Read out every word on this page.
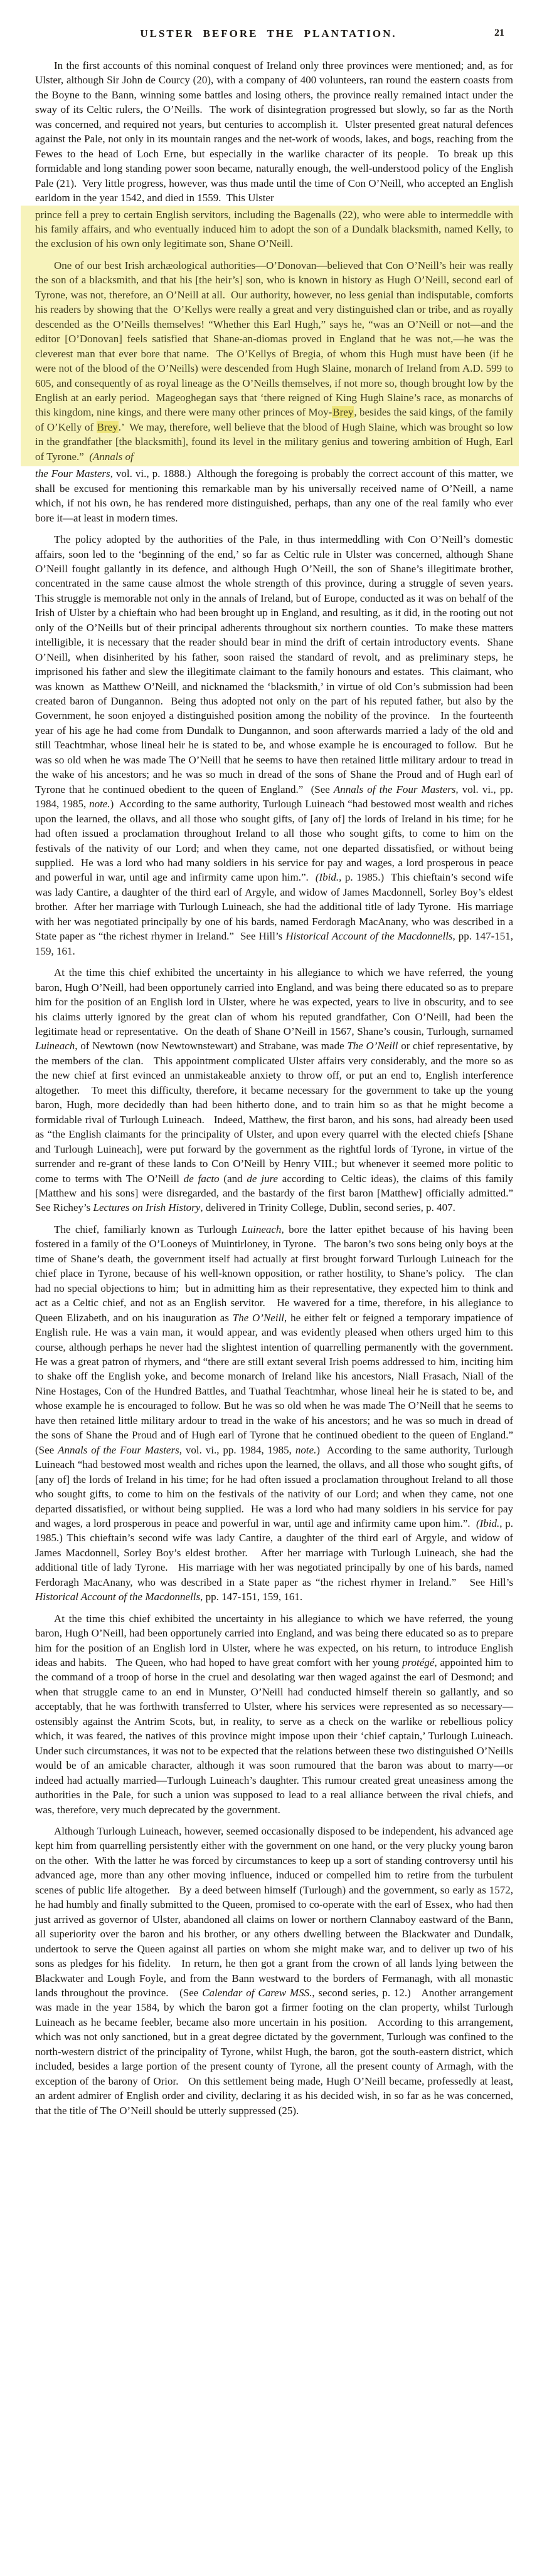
ULSTER BEFORE THE PLANTATION.	21
In the first accounts of this nominal conquest of Ireland only three provinces were mentioned; and, as for Ulster, although Sir John de Courcy (20), with a company of 400 volunteers, ran round the eastern coasts from the Boyne to the Bann, winning some battles and losing others, the province really remained intact under the sway of its Celtic rulers, the O’Neills.  The work of disintegration progressed but slowly, so far as the North was concerned, and required not years, but centuries to accomplish it.  Ulster presented great natural defences against the Pale, not only in its mountain ranges and the net-work of woods, lakes, and bogs, reaching from the Fewes to the head of Loch Erne, but especially in the warlike character of its people.  To break up this formidable and long standing power soon became, naturally enough, the well-understood policy of the English Pale (21).  Very little progress, however, was thus made until the time of Con O’Neill, who accepted an English earldom in the year 1542, and died in 1559.  This Ulster
prince fell a prey to certain English servitors, including the Bagenalls (22), who were able to intermeddle with his family affairs, and who eventually induced him to adopt the son of a Dundalk blacksmith, named Kelly, to the exclusion of his own only legitimate son, Shane O’Neill.
One of our best Irish archæological authorities—O’Donovan—believed that Con O’Neill’s heir was really the son of a blacksmith, and that his [the heir’s] son, who is known in history as Hugh O’Neill, second earl of Tyrone, was not, therefore, an O’Neill at all.  Our authority, however, no less genial than indisputable, comforts his readers by showing that the  O’Kellys were really a great and very distinguished clan or tribe, and as royally descended as the O’Neills themselves! “Whether this Earl Hugh,” says he, “was an O’Neill or not—and the editor [O’Donovan] feels satisfied that Shane-an-diomas proved in England that he was not,—he was the cleverest man that ever bore that name.  The O’Kellys of Bregia, of whom this Hugh must have been (if he were not of the blood of the O’Neills) were descended from Hugh Slaine, monarch of Ireland from A.D. 599 to 605, and consequently of as royal lineage as the O’Neills themselves, if not more so, though brought low by the English at an early period.  Mageoghegan says that ‘there reigned of King Hugh Slaine’s race, as monarchs of this kingdom, nine kings, and there were many other princes of Moy-Brey, besides the said kings, of the family of O’Kelly of Brey.’  We may, therefore, well believe that the blood of Hugh Slaine, which was brought so low in the grandfather [the blacksmith], found its level in the military genius and towering ambition of Hugh, Earl of Tyrone.”  (Annals of
the Four Masters, vol. vi., p. 1888.)  Although the foregoing is probably the correct account of this matter, we shall be excused for mentioning this remarkable man by his universally received name of O’Neill, a name which, if not his own, he has rendered more distinguished, perhaps, than any one of the real family who ever bore it—at least in modern times.
The policy adopted by the authorities of the Pale, in thus intermeddling with Con O’Neill’s domestic affairs, soon led to the ‘beginning of the end,’ so far as Celtic rule in Ulster was concerned, although Shane O’Neill fought gallantly in its defence, and although Hugh O’Neill, the son of Shane’s illegitimate brother, concentrated in the same cause almost the whole strength of this province, during a struggle of seven years.  This struggle is memorable not only in the annals of Ireland, but of Europe, conducted as it was on behalf of the Irish of Ulster by a chieftain who had been brought up in England, and resulting, as it did, in the rooting out not only of the O’Neills but of their principal adherents throughout six northern counties.  To make these matters intelligible, it is necessary that the reader should bear in mind the drift of certain introductory events.  Shane O’Neill, when disinherited by his father, soon raised the standard of revolt, and as preliminary steps, he imprisoned his father and slew the illegitimate claimant to the family honours and estates.  This claimant, who was known  as Matthew O’Neill, and nicknamed the ‘blacksmith,’ in virtue of old Con’s submission had been created baron of Dungannon.  Being thus adopted not only on the part of his reputed father, but also by the Government, he soon enjoyed a distinguished position among the nobility of the province.   In the fourteenth year of his age he had come from Dundalk to Dungannon, and soon afterwards married a lady of the old and still Teachtmhar, whose lineal heir he is stated to be, and whose example he is encouraged to follow.  But he was so old when he was made The O’Neill that he seems to have then retained little military ardour to tread in the wake of his ancestors; and he was so much in dread of the sons of Shane the Proud and of Hugh earl of Tyrone that he continued obedient to the queen of England.”  (See Annals of the Four Masters, vol. vi., pp. 1984, 1985, note.)  According to the same authority, Turlough Luineach “had bestowed most wealth and riches upon the learned, the ollavs, and all those who sought gifts, of [any of] the lords of Ireland in his time; for he had often issued a proclamation throughout Ireland to all those who sought gifts, to come to him on the festivals of the nativity of our Lord; and when they came, not one departed dissatisfied, or without being supplied.  He was a lord who had many soldiers in his service for pay and wages, a lord prosperous in peace and powerful in war, until age and infirmity came upon him.”.  (Ibid., p. 1985.)  This chieftain’s second wife was lady Cantire, a daughter of the third earl of Argyle, and widow of James Macdonnell, Sorley Boy’s eldest brother.  After her marriage with Turlough Luineach, she had the additional title of lady Tyrone.  His marriage with her was negotiated principally by one of his bards, named Ferdoragh MacAnany, who was described in a State paper as “the richest rhymer in Ireland.”  See Hill’s Historical Account of the Macdonnells, pp. 147-151, 159, 161.
At the time this chief exhibited the uncertainty in his allegiance to which we have referred, the young baron, Hugh O’Neill, had been opportunely carried into England, and was being there educated so as to prepare him for the position of an English lord in Ulster, where he was expected, years to live in obscurity, and to see his claims utterly ignored by the great clan of whom his reputed grandfather, Con O’Neill, had been the legitimate head or representative.  On the death of Shane O’Neill in 1567, Shane’s cousin, Turlough, surnamed Luineach, of Newtown (now Newtownstewart) and Strabane, was made The O’Neill or chief representative, by the members of the clan.   This appointment complicated Ulster affairs very considerably, and the more so as the new chief at first evinced an unmistakeable anxiety to throw off, or put an end to, English interference altogether.   To meet this difficulty, therefore, it became necessary for the government to take up the young baron, Hugh, more decidedly than had been hitherto done, and to train him so as that he might become a formidable rival of Turlough Luineach.   Indeed, Matthew, the first baron, and his sons, had already been used as “the English claimants for the principality of Ulster, and upon every quarrel with the elected chiefs [Shane and Turlough Luineach], were put forward by the government as the rightful lords of Tyrone, in virtue of the surrender and re-grant of these lands to Con O’Neill by Henry VIII.; but whenever it seemed more politic to come to terms with The O’Neill de facto (and de jure according to Celtic ideas), the claims of this family [Matthew and his sons] were disregarded, and the bastardy of the first baron [Matthew] officially admitted.”  See Richey’s Lectures on Irish History, delivered in Trinity College, Dublin, second series, p. 407.
The chief, familiarly known as Turlough Luineach, bore the latter epithet because of his having been fostered in a family of the O’Looneys of Muintirloney, in Tyrone.   The baron’s two sons being only boys at the time of Shane’s death, the government itself had actually at first brought forward Turlough Luineach for the chief place in Tyrone, because of his well-known opposition, or rather hostility, to Shane’s policy.   The clan had no special objections to him;  but in admitting him as their representative, they expected him to think and act as a Celtic chief, and not as an English servitor.   He wavered for a time, therefore, in his allegiance to Queen Elizabeth, and on his inauguration as The O’Neill, he either felt or feigned a temporary impatience of English rule. He was a vain man, it would appear, and was evidently pleased when others urged him to this course, although perhaps he never had the slightest intention of quarrelling permanently with the government.   He was a great patron of rhymers, and “there are still extant several Irish poems addressed to him, inciting him to shake off the English yoke, and become monarch of Ireland like his ancestors, Niall Frasach, Niall of the Nine Hostages, Con of the Hundred Battles, and Tuathal Teachtmhar, whose lineal heir he is stated to be, and whose example he is encouraged to follow. But he was so old when he was made The O’Neill that he seems to have then retained little military ardour to tread in the wake of his ancestors; and he was so much in dread of the sons of Shane the Proud and of Hugh earl of Tyrone that he continued obedient to the queen of England.”  (See Annals of the Four Masters, vol. vi., pp. 1984, 1985, note.)  According to the same authority, Turlough Luineach “had bestowed most wealth and riches upon the learned, the ollavs, and all those who sought gifts, of [any of] the lords of Ireland in his time; for he had often issued a proclamation throughout Ireland to all those who sought gifts, to come to him on the festivals of the nativity of our Lord; and when they came, not one departed dissatisfied, or without being supplied.  He was a lord who had many soldiers in his service for pay and wages, a lord prosperous in peace and powerful in war, until age and infirmity came upon him.”.  (Ibid., p. 1985.) This chieftain’s second wife was lady Cantire, a daughter of the third earl of Argyle, and widow of James Macdonnell, Sorley Boy’s eldest brother.   After her marriage with Turlough Luineach, she had the additional title of lady Tyrone.   His marriage with her was negotiated principally by one of his bards, named Ferdoragh MacAnany, who was described in a State paper as “the richest rhymer in Ireland.”   See Hill’s Historical Account of the Macdonnells, pp. 147-151, 159, 161.
At the time this chief exhibited the uncertainty in his allegiance to which we have referred, the young baron, Hugh O’Neill, had been opportunely carried into England, and was being there educated so as to prepare him for the position of an English lord in Ulster, where he was expected, on his return, to introduce English ideas and habits.   The Queen, who had hoped to have great comfort with her young protégé, appointed him to the command of a troop of horse in the cruel and desolating war then waged against the earl of Desmond; and when that struggle came to an end in Munster, O’Neill had conducted himself therein so gallantly, and so acceptably, that he was forthwith transferred to Ulster, where his services were represented as so necessary—ostensibly against the Antrim Scots, but, in reality, to serve as a check on the warlike or rebellious policy which, it was feared, the natives of this province might impose upon their ‘chief captain,’ Turlough Luineach.   Under such circumstances, it was not to be expected that the relations between these two distinguished O’Neills would be of an amicable character, although it was soon rumoured that the baron was about to marry—or indeed had actually married—Turlough Luineach’s daughter. This rumour created great uneasiness among the authorities in the Pale, for such a union was supposed to lead to a real alliance between the rival chiefs, and was, therefore, very much deprecated by the government.
Although Turlough Luineach, however, seemed occasionally disposed to be independent, his advanced age kept him from quarrelling persistently either with the government on one hand, or the very plucky young baron on the other.  With the latter he was forced by circumstances to keep up a sort of standing controversy until his advanced age, more than any other moving influence, induced or compelled him to retire from the turbulent scenes of public life altogether.   By a deed between himself (Turlough) and the government, so early as 1572, he had humbly and finally submitted to the Queen, promised to co-operate with the earl of Essex, who had then just arrived as governor of Ulster, abandoned all claims on lower or northern Clannaboy eastward of the Bann, all superiority over the baron and his brother, or any others dwelling between the Blackwater and Dundalk, undertook to serve the Queen against all parties on whom she might make war, and to deliver up two of his sons as pledges for his fidelity.   In return, he then got a grant from the crown of all lands lying between the Blackwater and Lough Foyle, and from the Bann westward to the borders of Fermanagh, with all monastic lands throughout the province.   (See Calendar of Carew MSS., second series, p. 12.)   Another arrangement was made in the year 1584, by which the baron got a firmer footing on the clan property, whilst Turlough Luineach as he became feebler, became also more uncertain in his position.   According to this arrangement, which was not only sanctioned, but in a great degree dictated by the government, Turlough was confined to the north-western district of the principality of Tyrone, whilst Hugh, the baron, got the south-eastern district, which included, besides a large portion of the present county of Tyrone, all the present county of Armagh, with the exception of the barony of Orior.   On this settlement being made, Hugh O’Neill became, professedly at least, an ardent admirer of English order and civility, declaring it as his decided wish, in so far as he was concerned, that the title of The O’Neill should be utterly suppressed (25).
